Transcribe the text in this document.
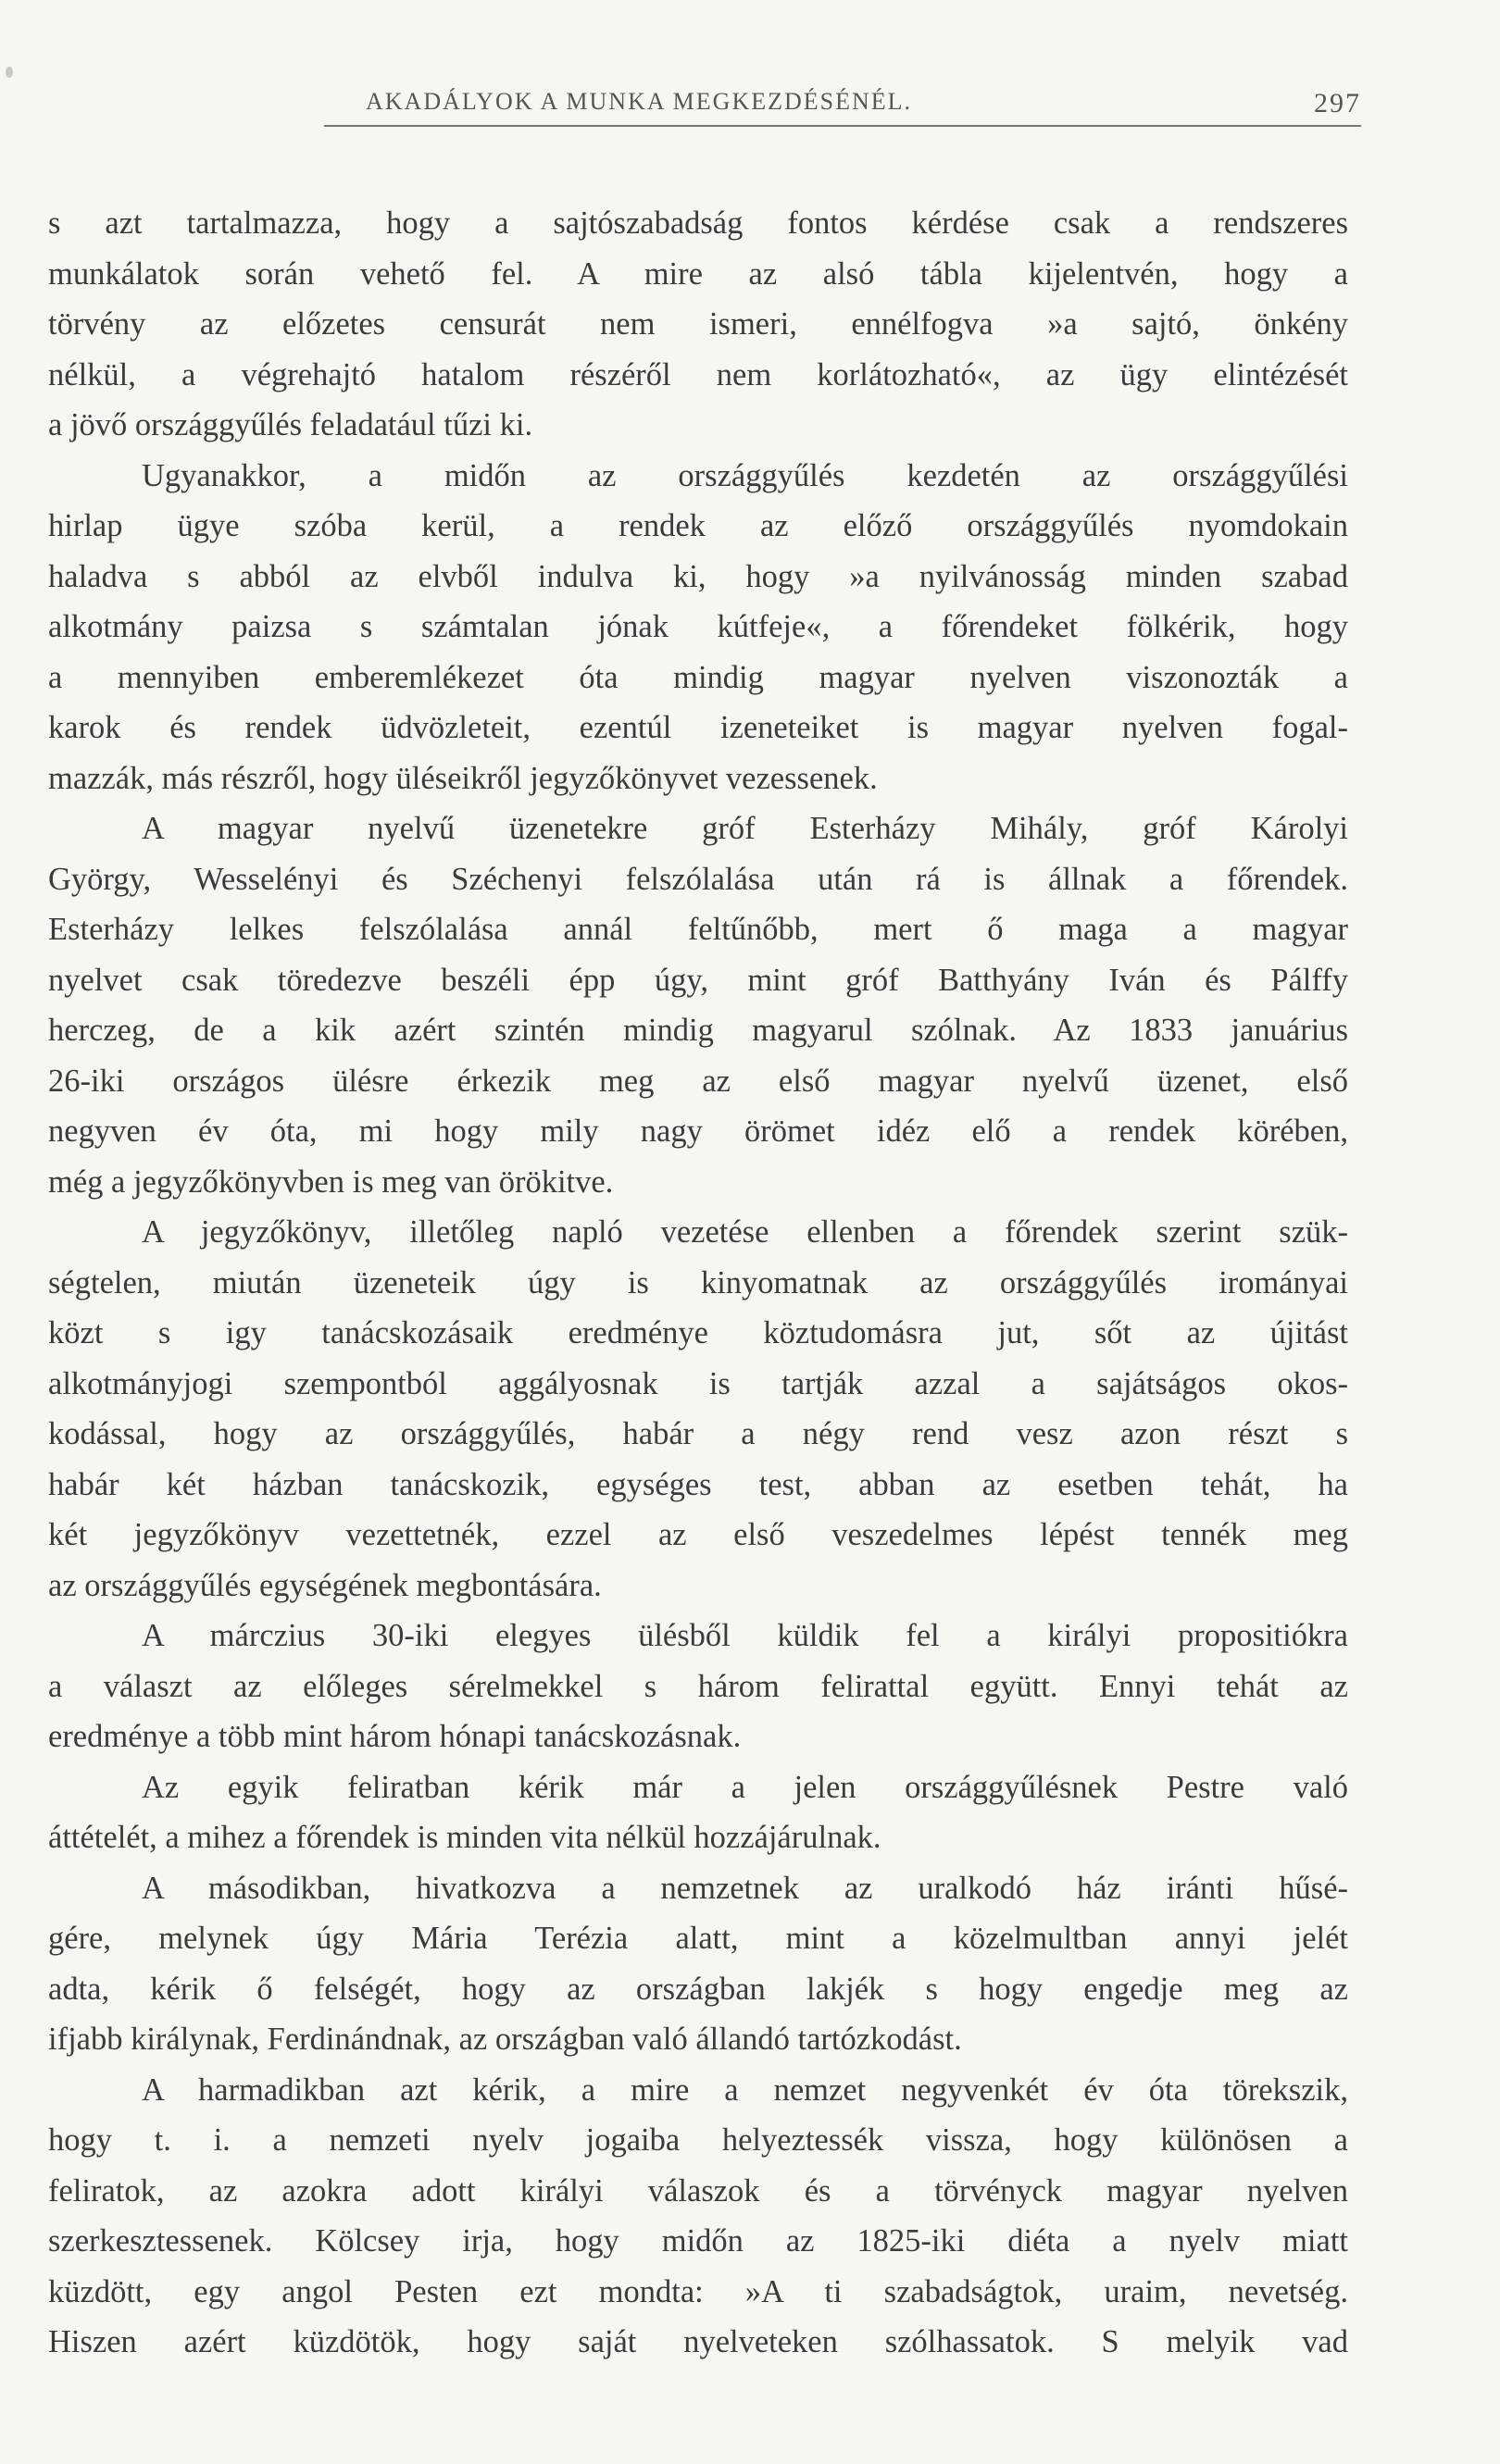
AKADÁLYOK A MUNKA MEGKEZDÉSÉNÉL.	297
s azt tartalmazza, hogy a sajtószabadság fontos kérdése csak a rendszeres
munkálatok során vehető fel. A mire az alsó tábla kijelentvén, hogy a
törvény az előzetes censurát nem ismeri, ennélfogva »a sajtó, önkény
nélkül, a végrehajtó hatalom részéről nem korlátozható«, az ügy elintézését
a jövő országgyűlés feladatául tűzi ki.
Ugyanakkor, a midőn az országgyűlés kezdetén az országgyűlési
hirlap ügye szóba kerül, a rendek az előző országgyűlés nyomdokain
haladva s abból az elvből indulva ki, hogy »a nyilvánosság minden szabad
alkotmány paizsa s számtalan jónak kútfeje«, a főrendeket fölkérik, hogy
a mennyiben emberemlékezet óta mindig magyar nyelven viszonozták a
karok és rendek üdvözleteit, ezentúl izeneteiket is magyar nyelven fogal-
mazzák, más részről, hogy üléseikről jegyzőkönyvet vezessenek.
A magyar nyelvű üzenetekre gróf Esterházy Mihály, gróf Károlyi
György, Wesselényi és Széchenyi felszólalása után rá is állnak a főrendek.
Esterházy lelkes felszólalása annál feltűnőbb, mert ő maga a magyar
nyelvet csak töredezve beszéli épp úgy, mint gróf Batthyány Iván és Pálffy
herczeg, de a kik azért szintén mindig magyarul szólnak. Az 1833 januárius
26-iki országos ülésre érkezik meg az első magyar nyelvű üzenet, első
negyven év óta, mi hogy mily nagy örömet idéz elő a rendek körében,
még a jegyzőkönyvben is meg van örökitve.
A jegyzőkönyv, illetőleg napló vezetése ellenben a főrendek szerint szük-
ségtelen, miután üzeneteik úgy is kinyomatnak az országgyűlés irományai
közt s igy tanácskozásaik eredménye köztudomásra jut, sőt az újitást
alkotmányjogi szempontból aggályosnak is tartják azzal a sajátságos okos-
kodással, hogy az országgyűlés, habár a négy rend vesz azon részt s
habár két házban tanácskozik, egységes test, abban az esetben tehát, ha
két jegyzőkönyv vezettetnék, ezzel az első veszedelmes lépést tennék meg
az országgyűlés egységének megbontására.
A márczius 30-iki elegyes ülésből küldik fel a királyi propositiókra
a választ az előleges sérelmekkel s három felirattal együtt. Ennyi tehát az
eredménye a több mint három hónapi tanácskozásnak.
Az egyik feliratban kérik már a jelen országgyűlésnek Pestre való
áttételét, a mihez a főrendek is minden vita nélkül hozzájárulnak.
A másodikban, hivatkozva a nemzetnek az uralkodó ház iránti hűsé-
gére, melynek úgy Mária Terézia alatt, mint a közelmultban annyi jelét
adta, kérik ő felségét, hogy az országban lakjék s hogy engedje meg az
ifjabb királynak, Ferdinándnak, az országban való állandó tartózkodást.
A harmadikban azt kérik, a mire a nemzet negyvenkét év óta törekszik,
hogy t. i. a nemzeti nyelv jogaiba helyeztessék vissza, hogy különösen a
feliratok, az azokra adott királyi válaszok és a törvényck magyar nyelven
szerkesztessenek. Kölcsey irja, hogy midőn az 1825-iki diéta a nyelv miatt
küzdött, egy angol Pesten ezt mondta: »A ti szabadságtok, uraim, nevetség.
Hiszen azért küzdötök, hogy saját nyelveteken szólhassatok. S melyik vad
